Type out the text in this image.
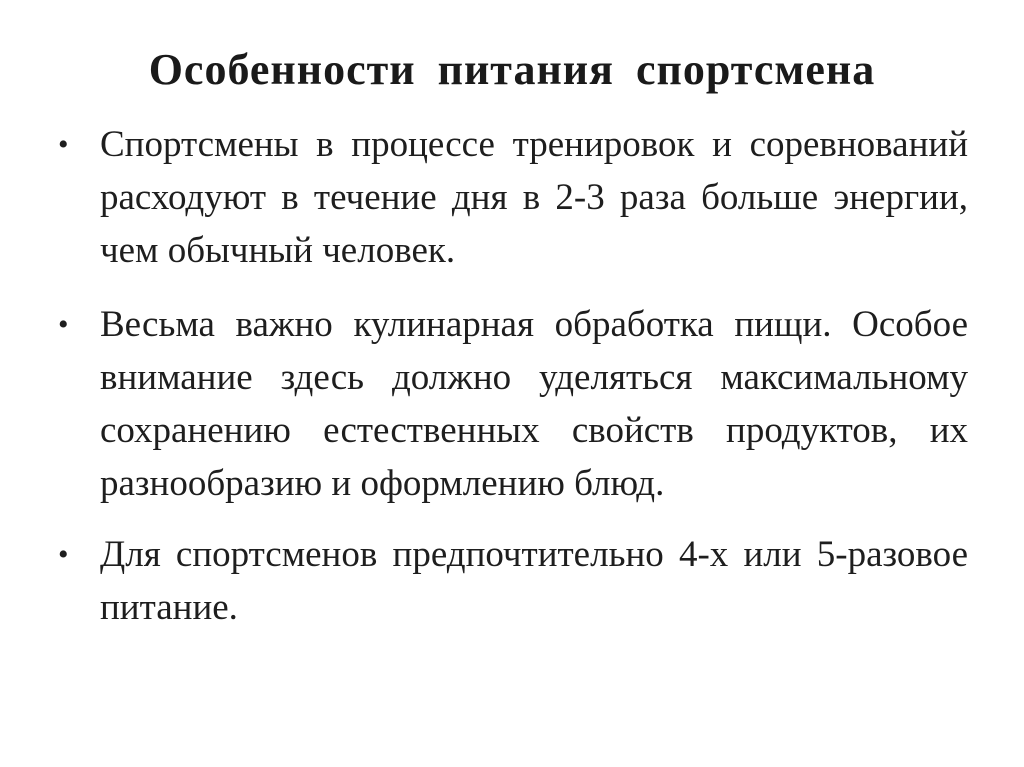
Особенности питания спортсмена
• Спортсмены в процессе тренировок и соревнований расходуют в течение дня в 2-3 раза больше энергии, чем обычный человек.
• Весьма важно кулинарная обработка пищи. Особое внимание здесь должно уделяться максимальному сохранению естественных свойств продуктов, их разнообразию и оформлению блюд.
• Для спортсменов предпочтительно 4-х или 5-разовое питание.
